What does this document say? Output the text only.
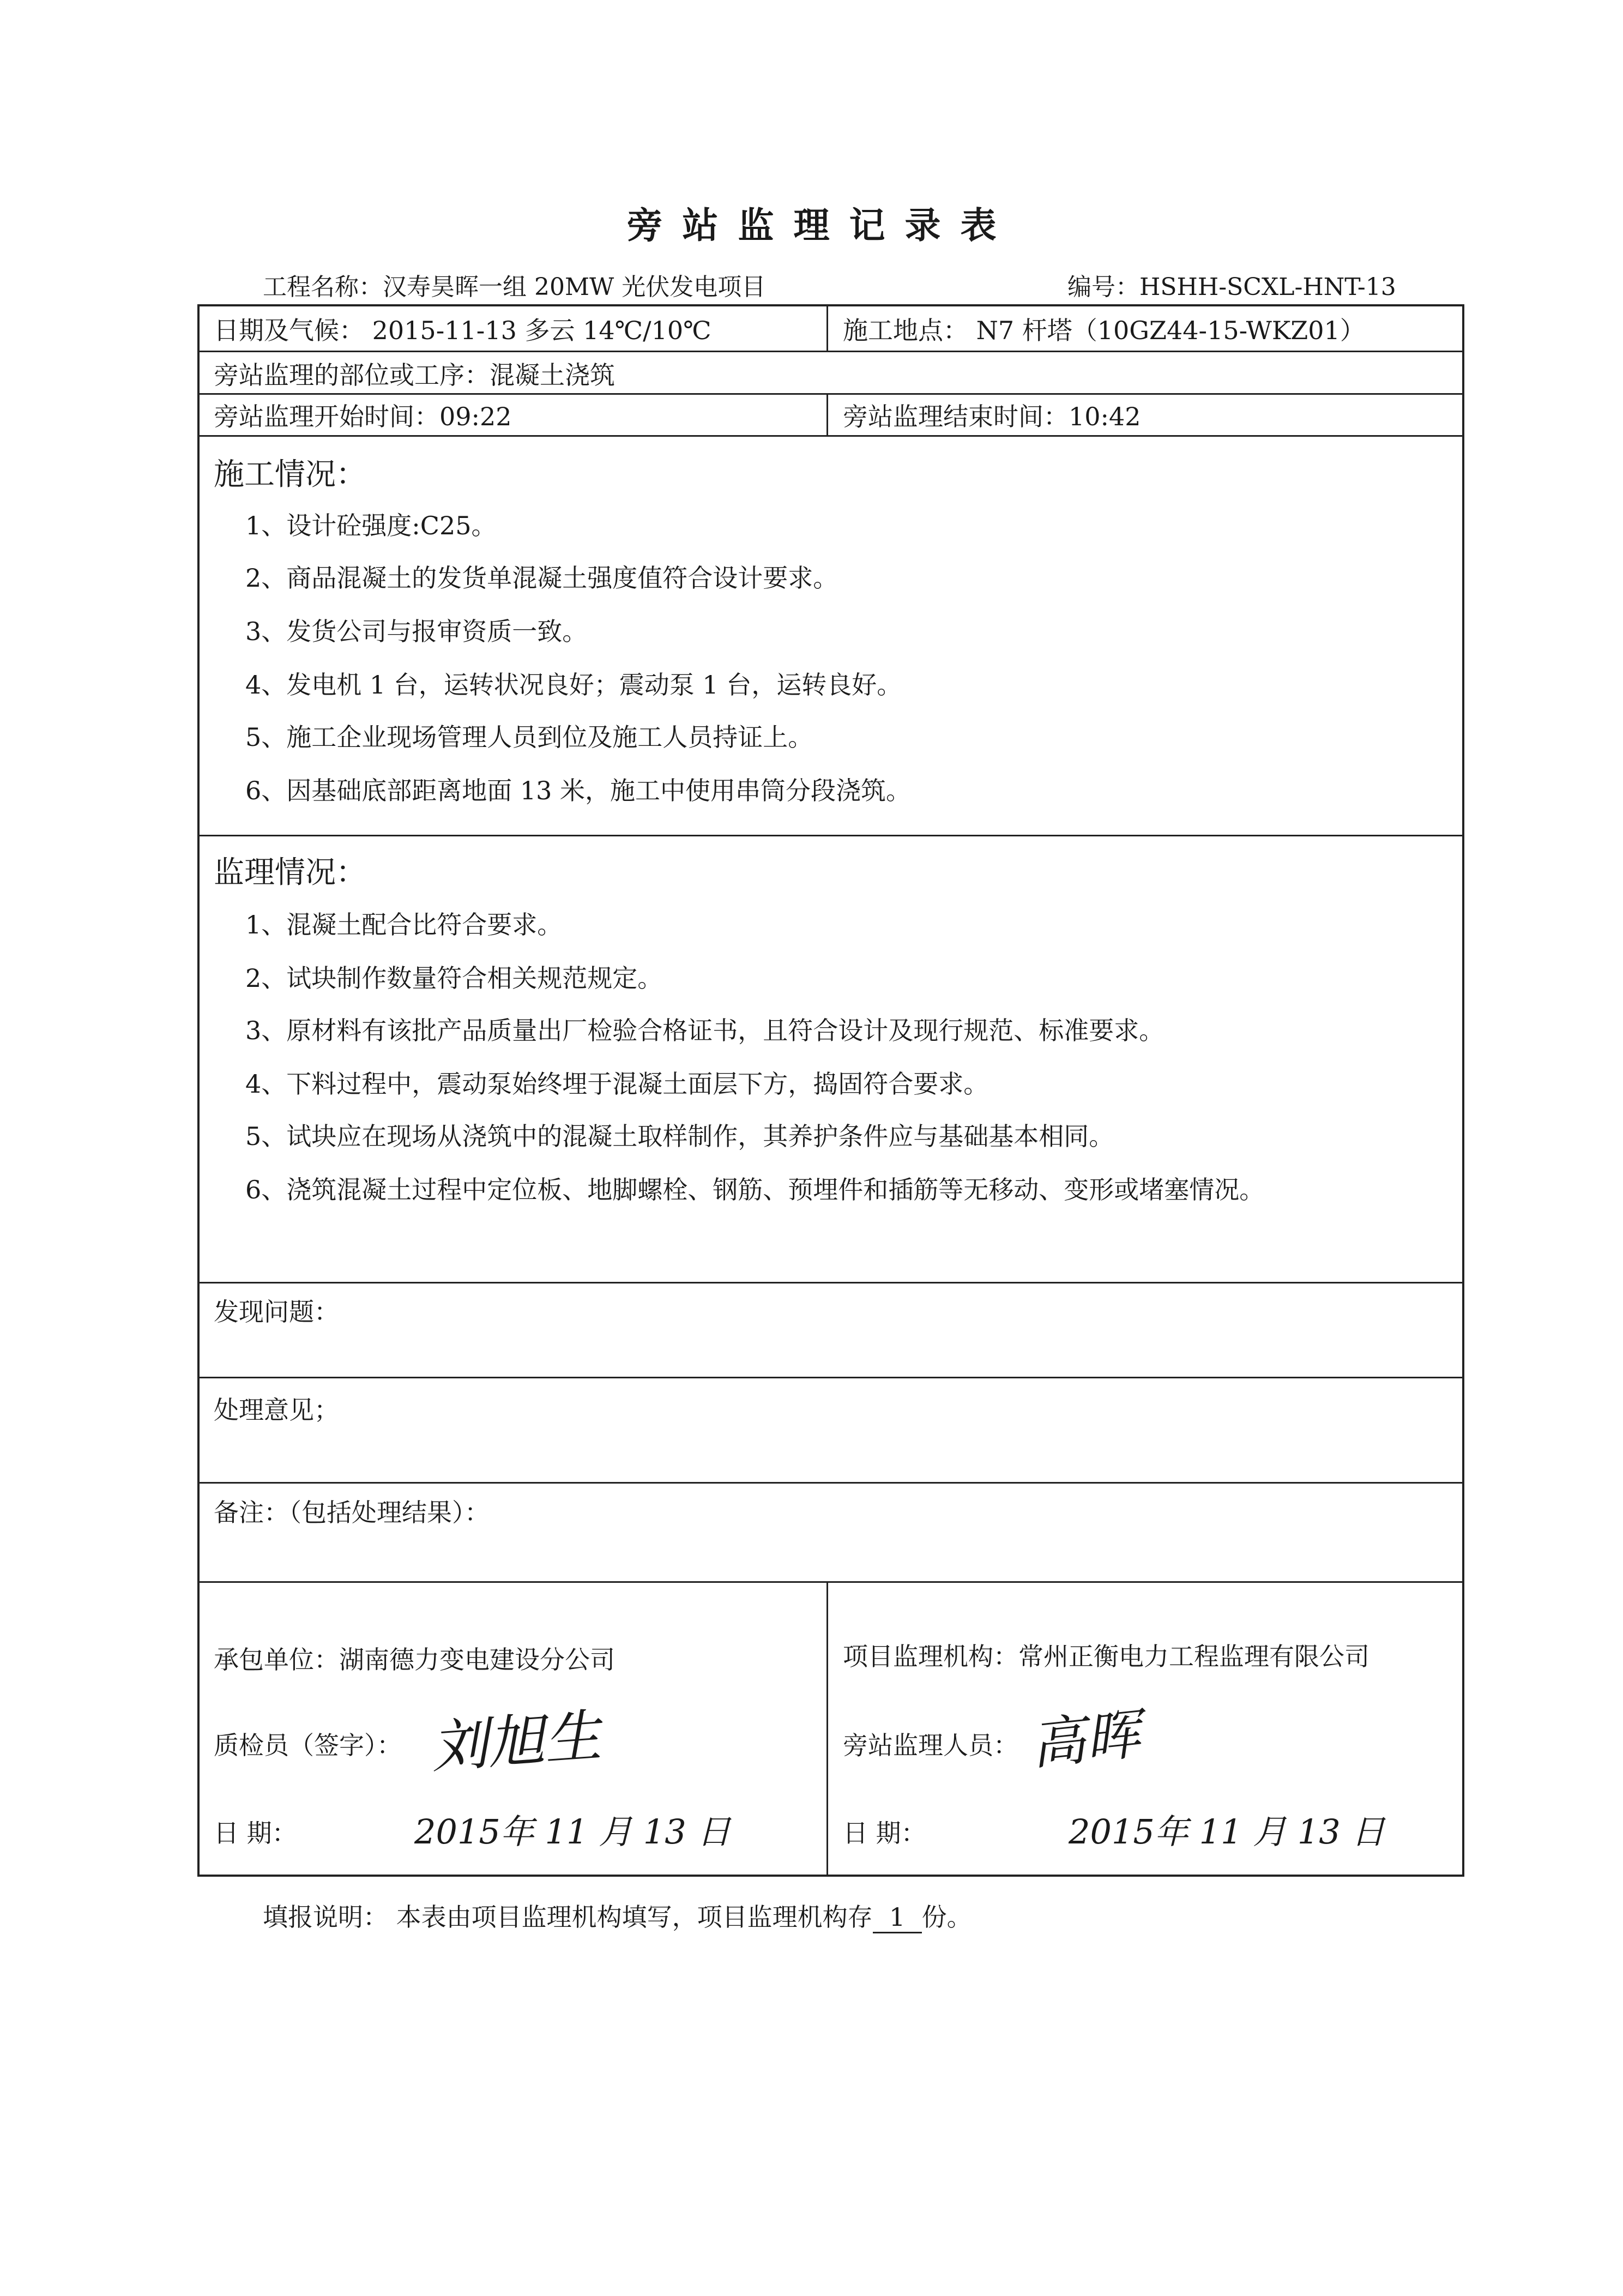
旁站监理记录表
工程名称：汉寿昊晖一组 20MW 光伏发电项目	编号：HSHH-SCXL-HNT-13
日期及气候： 2015-11-13 多云 14℃/10℃	施工地点： N7 杆塔（10GZ44-15-WKZ01）
旁站监理的部位或工序：混凝土浇筑
旁站监理开始时间：09:22	旁站监理结束时间：10:42
施工情况：
1、设计砼强度:C25。
2、商品混凝土的发货单混凝土强度值符合设计要求。
3、发货公司与报审资质一致。
4、发电机 1 台，运转状况良好；震动泵 1 台，运转良好。
5、施工企业现场管理人员到位及施工人员持证上。
6、因基础底部距离地面 13 米，施工中使用串筒分段浇筑。
监理情况：
1、混凝土配合比符合要求。
2、试块制作数量符合相关规范规定。
3、原材料有该批产品质量出厂检验合格证书，且符合设计及现行规范、标准要求。
4、下料过程中，震动泵始终埋于混凝土面层下方，捣固符合要求。
5、试块应在现场从浇筑中的混凝土取样制作，其养护条件应与基础基本相同。
6、浇筑混凝土过程中定位板、地脚螺栓、钢筋、预埋件和插筋等无移动、变形或堵塞情况。
发现问题：
处理意见；
备注：（包括处理结果）：
承包单位：湖南德力变电建设分公司
质检员（签字）： 刘旭生
日 期：	2015年 11 月 13 日
项目监理机构：常州正衡电力工程监理有限公司
旁站监理人员： 高晖
日 期：	2015年 11 月 13 日
填报说明： 本表由项目监理机构填写，项目监理机构存 1 份。
